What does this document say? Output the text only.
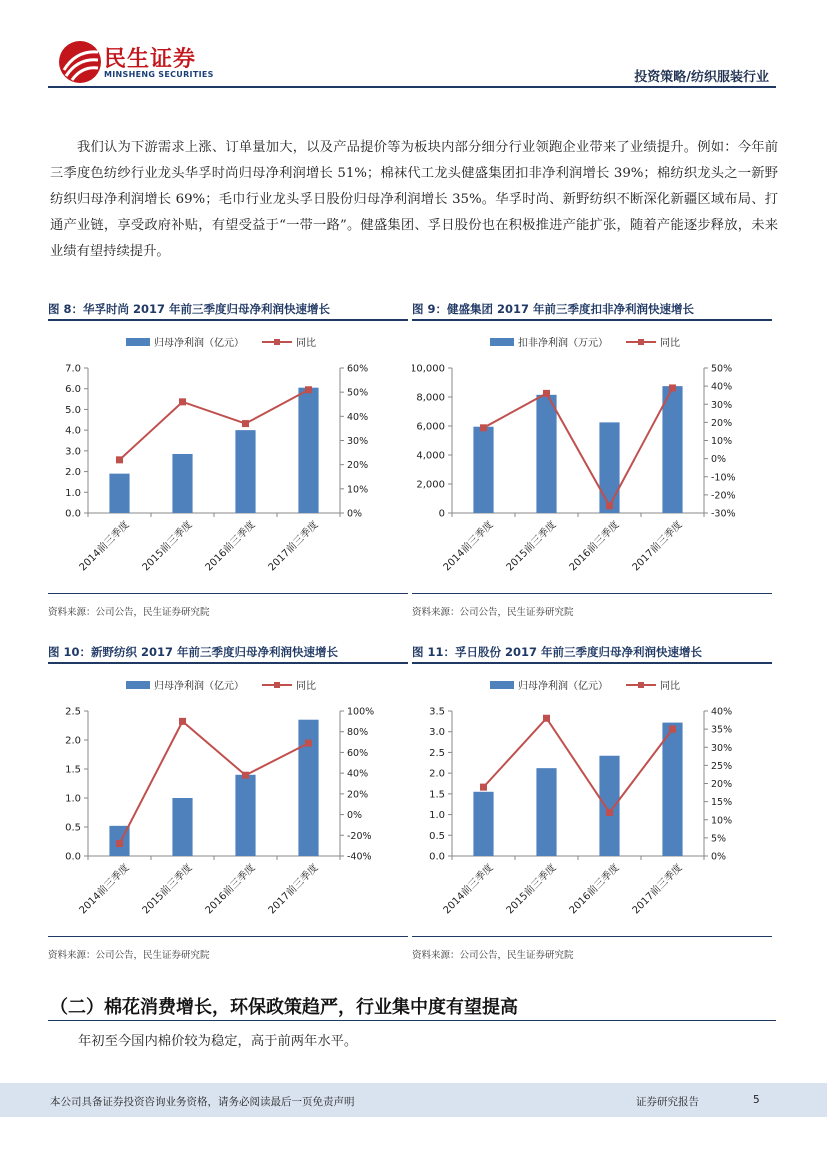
民生证券
MINSHENG SECURITIES	投资策略/纺织服装行业

我们认为下游需求上涨、订单量加大，以及产品提价等为板块内部分细分行业领跑企业带来了业绩提升。例如：今年前三季度色纺纱行业龙头华孚时尚归母净利润增长 51%；棉袜代工龙头健盛集团扣非净利润增长 39%；棉纺织龙头之一新野纺织归母净利润增长 69%；毛巾行业龙头孚日股份归母净利润增长 35%。华孚时尚、新野纺织不断深化新疆区域布局、打通产业链，享受政府补贴，有望受益于“一带一路”。健盛集团、孚日股份也在积极推进产能扩张，随着产能逐步释放，未来业绩有望持续提升。

图 8：华孚时尚 2017 年前三季度归母净利润快速增长
归母净利润（亿元）	同比
0.0
1.0
2.0
3.0
4.0
5.0
6.0
7.0
0%
10%
20%
30%
40%
50%
60%
2014前三季度 2015前三季度 2016前三季度 2017前三季度
资料来源：公司公告，民生证券研究院
图 9：健盛集团 2017 年前三季度扣非净利润快速增长
扣非净利润（万元）	同比
0
2,000
4,000
6,000
8,000
10,000
-30%
-20%
-10%
0%
10%
20%
30%
40%
50%
2014前三季度 2015前三季度 2016前三季度 2017前三季度
资料来源：公司公告，民生证券研究院
图 10：新野纺织 2017 年前三季度归母净利润快速增长
归母净利润（亿元）	同比
0.0
0.5
1.0
1.5
2.0
2.5
-40%
-20%
0%
20%
40%
60%
80%
100%
2014前三季度 2015前三季度 2016前三季度 2017前三季度
资料来源：公司公告，民生证券研究院
图 11：孚日股份 2017 年前三季度归母净利润快速增长
归母净利润（亿元）	同比
0.0
0.5
1.0
1.5
2.0
2.5
3.0
3.5
0%
5%
10%
15%
20%
25%
30%
35%
40%
2014前三季度 2015前三季度 2016前三季度 2017前三季度
资料来源：公司公告，民生证券研究院
（二）棉花消费增长，环保政策趋严，行业集中度有望提高
年初至今国内棉价较为稳定，高于前两年水平。
本公司具备证券投资咨询业务资格，请务必阅读最后一页免责声明	证券研究报告	5
